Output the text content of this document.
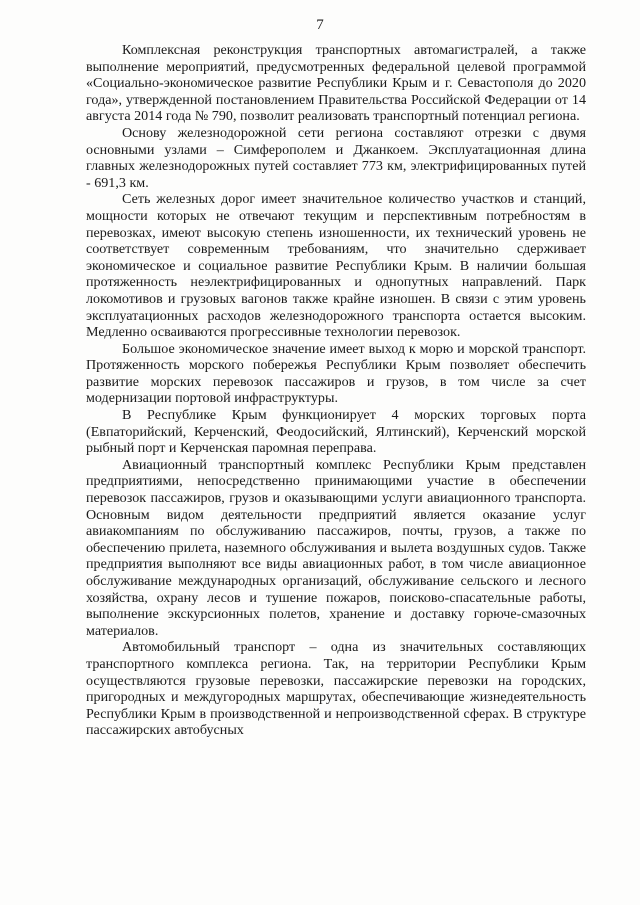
7

Комплексная реконструкция транспортных автомагистралей, а также выполнение мероприятий, предусмотренных федеральной целевой программой «Социально-экономическое развитие Республики Крым и г. Севастополя до 2020 года», утвержденной постановлением Правительства Российской Федерации от 14 августа 2014 года № 790, позволит реализовать транспортный потенциал региона.

Основу железнодорожной сети региона составляют отрезки с двумя основными узлами – Симферополем и Джанкоем. Эксплуатационная длина главных железнодорожных путей составляет 773 км, электрифицированных путей - 691,3 км.

Сеть железных дорог имеет значительное количество участков и станций, мощности которых не отвечают текущим и перспективным потребностям в перевозках, имеют высокую степень изношенности, их технический уровень не соответствует современным требованиям, что значительно сдерживает экономическое и социальное развитие Республики Крым. В наличии большая протяженность неэлектрифицированных и однопутных направлений. Парк локомотивов и грузовых вагонов также крайне изношен. В связи с этим уровень эксплуатационных расходов железнодорожного транспорта остается высоким. Медленно осваиваются прогрессивные технологии перевозок.

Большое экономическое значение имеет выход к морю и морской транспорт. Протяженность морского побережья Республики Крым позволяет обеспечить развитие морских перевозок пассажиров и грузов, в том числе за счет модернизации портовой инфраструктуры.

В Республике Крым функционирует 4 морских торговых порта (Евпаторийский, Керченский, Феодосийский, Ялтинский), Керченский морской рыбный порт и Керченская паромная переправа.

Авиационный транспортный комплекс Республики Крым представлен предприятиями, непосредственно принимающими участие в обеспечении перевозок пассажиров, грузов и оказывающими услуги авиационного транспорта. Основным видом деятельности предприятий является оказание услуг авиакомпаниям по обслуживанию пассажиров, почты, грузов, а также по обеспечению прилета, наземного обслуживания и вылета воздушных судов. Также предприятия выполняют все виды авиационных работ, в том числе авиационное обслуживание международных организаций, обслуживание сельского и лесного хозяйства, охрану лесов и тушение пожаров, поисково-спасательные работы, выполнение экскурсионных полетов, хранение и доставку горюче-смазочных материалов.

Автомобильный транспорт – одна из значительных составляющих транспортного комплекса региона. Так, на территории Республики Крым осуществляются грузовые перевозки, пассажирские перевозки на городских, пригородных и междугородных маршрутах, обеспечивающие жизнедеятельность Республики Крым в производственной и непроизводственной сферах. В структуре пассажирских автобусных
